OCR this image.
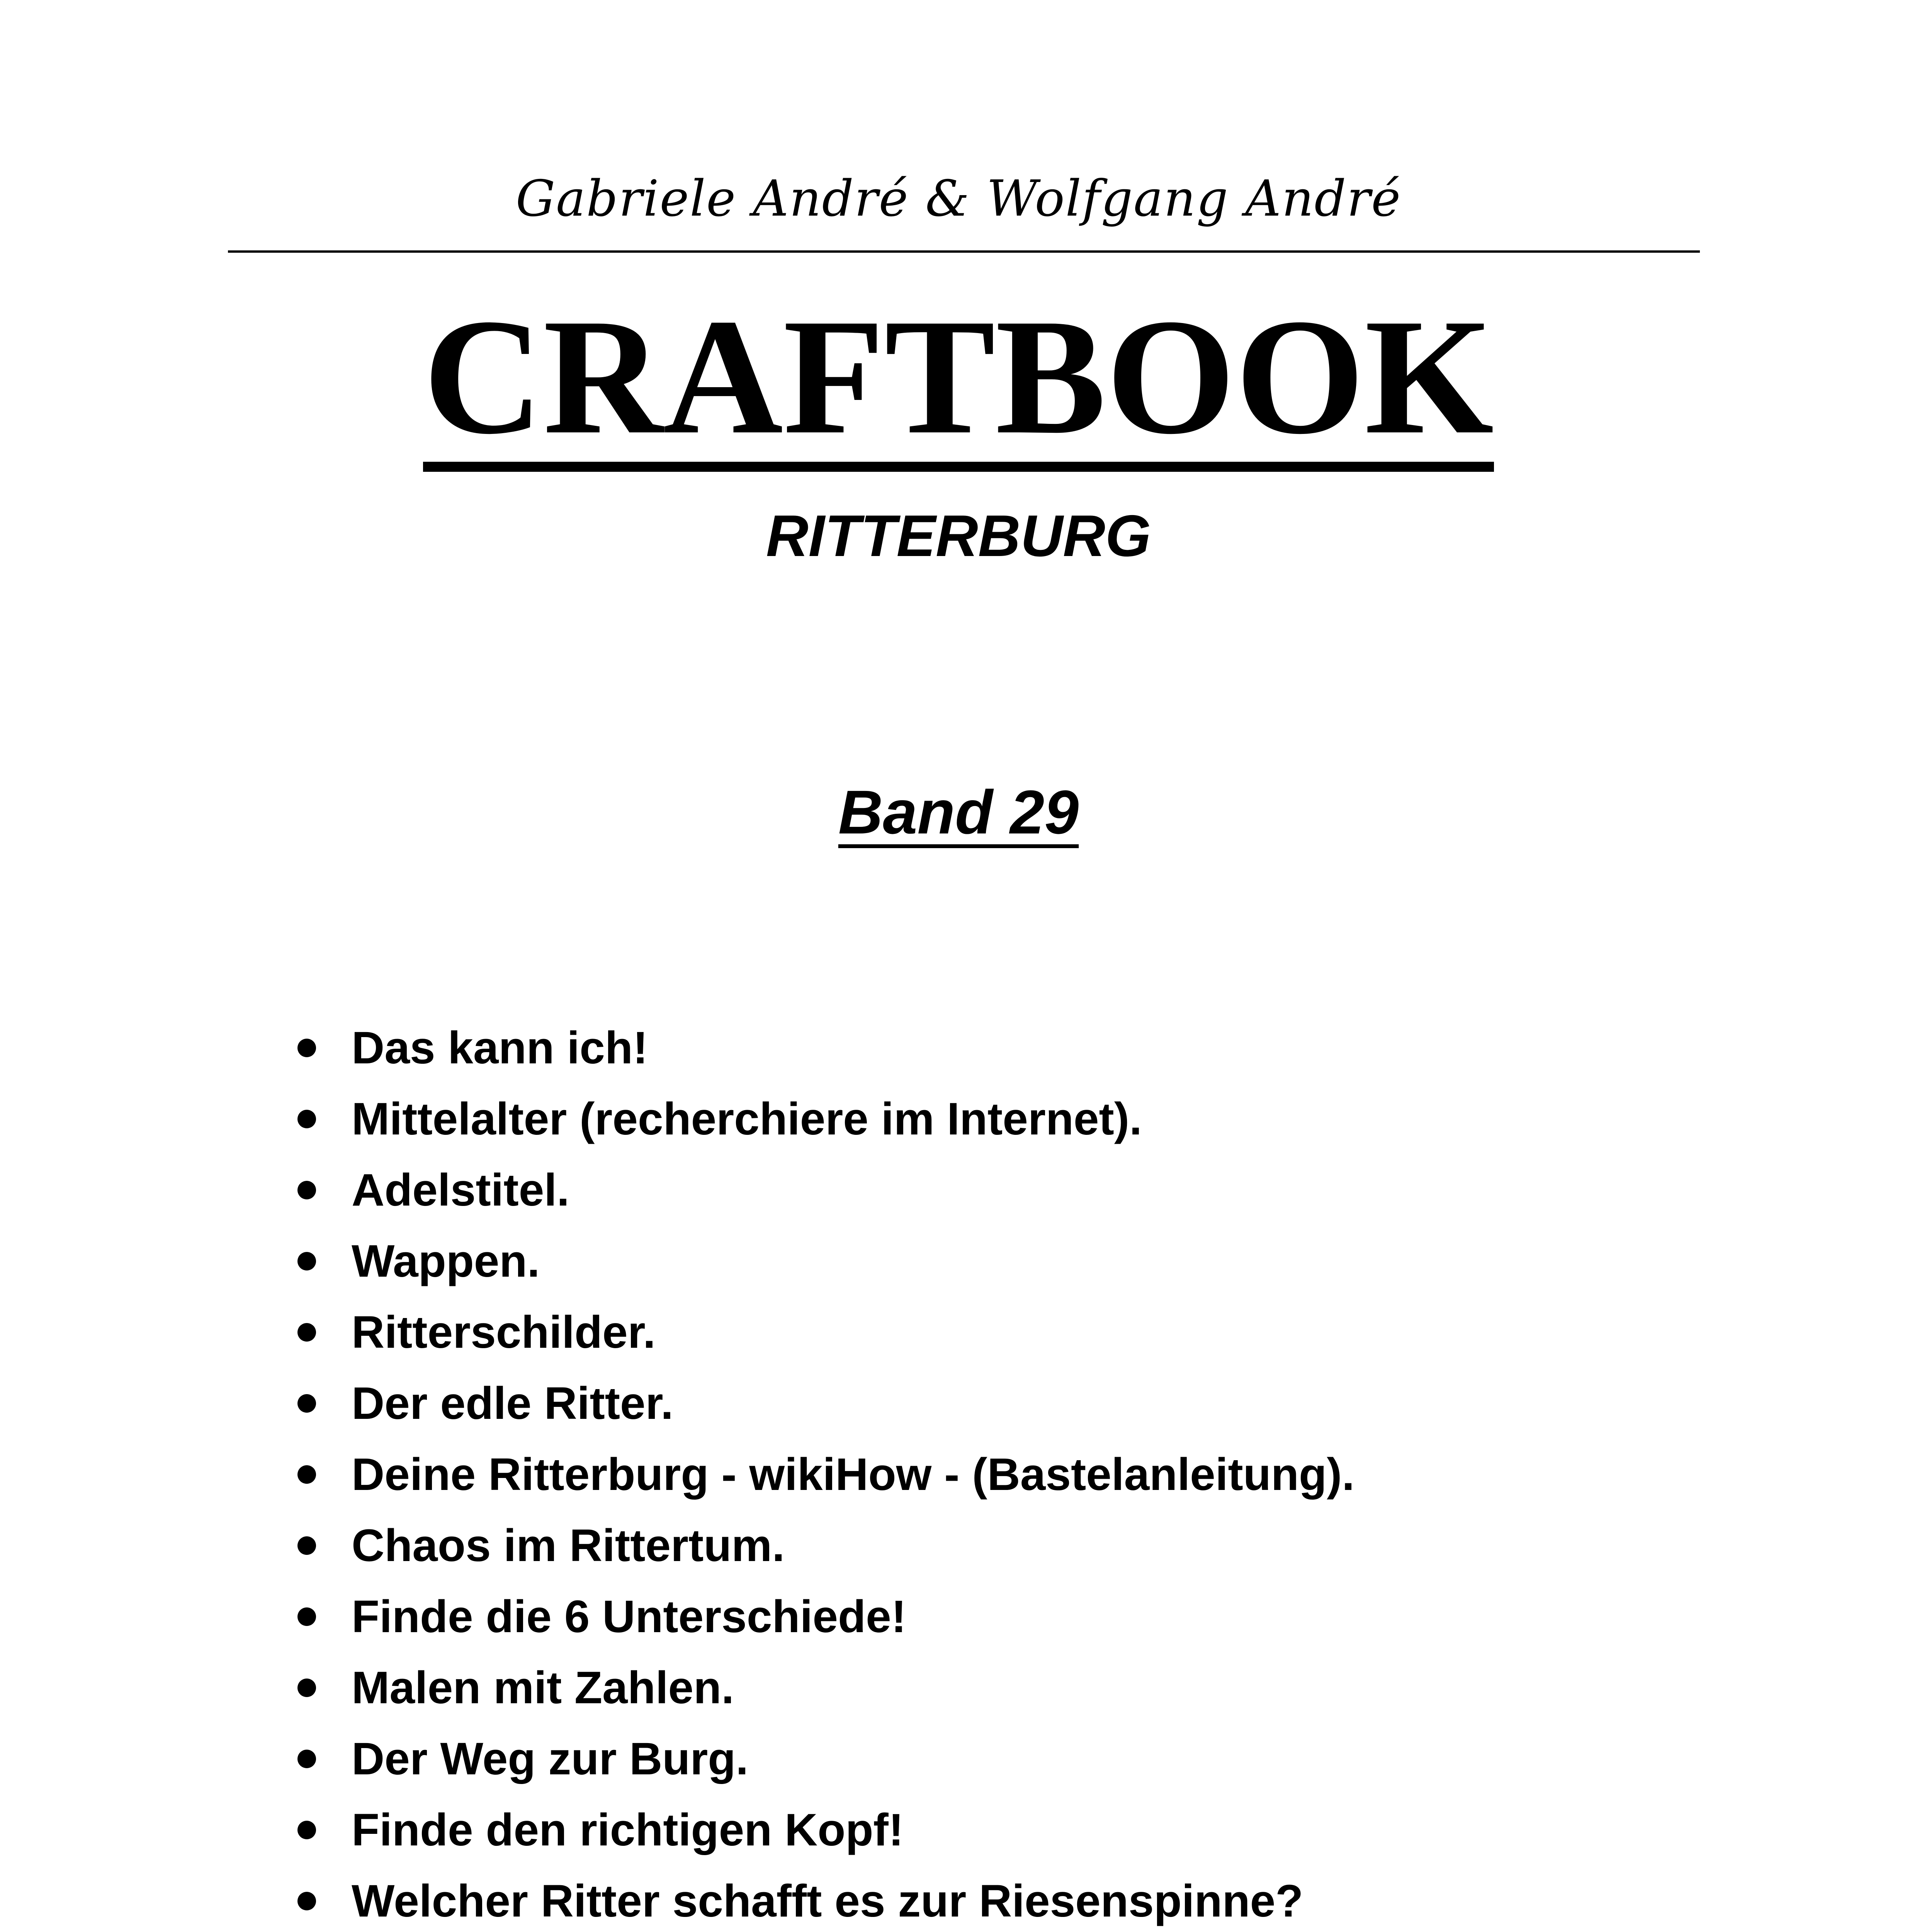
Gabriele André & Wolfgang André
CRAFTBOOK
RITTERBURG
Band 29
Das kann ich!
Mittelalter (recherchiere im Internet).
Adelstitel.
Wappen.
Ritterschilder.
Der edle Ritter.
Deine Ritterburg - wikiHow - (Bastelanleitung).
Chaos im Rittertum.
Finde die 6 Unterschiede!
Malen mit Zahlen.
Der Weg zur Burg.
Finde den richtigen Kopf!
Welcher Ritter schafft es zur Riesenspinne?
